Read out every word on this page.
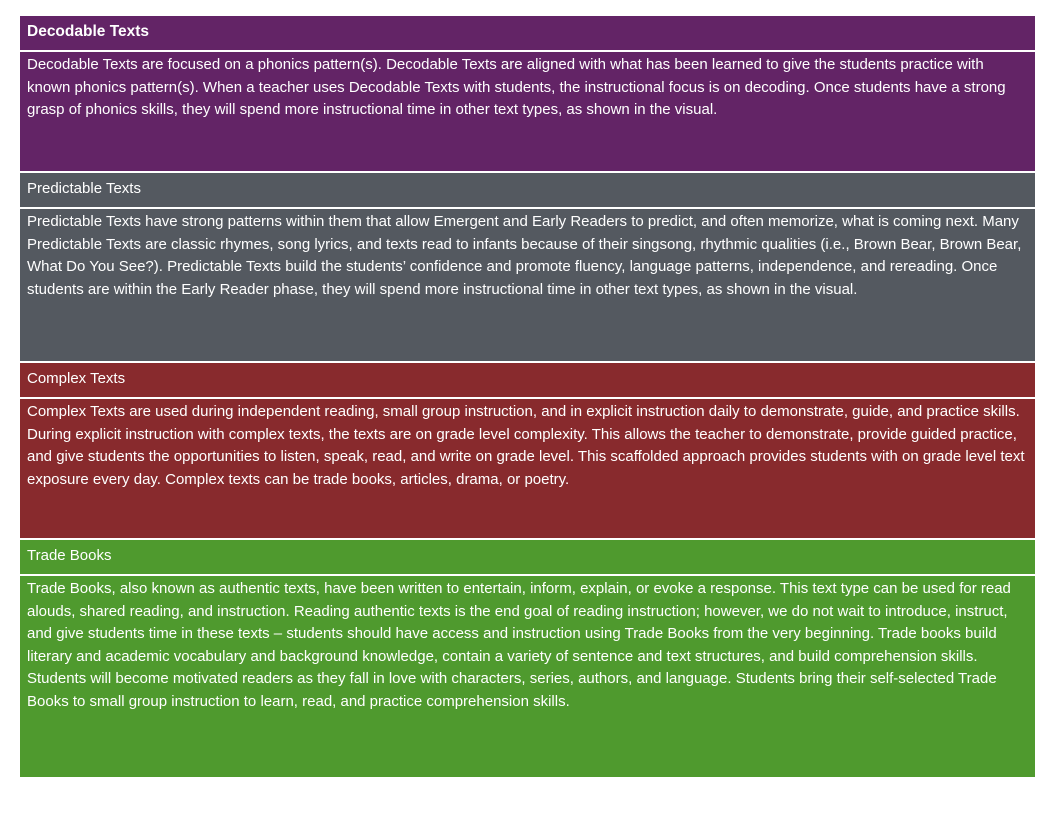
Decodable Texts
Decodable Texts are focused on a phonics pattern(s). Decodable Texts are aligned with what has been learned to give the students practice with known phonics pattern(s). When a teacher uses Decodable Texts with students, the instructional focus is on decoding. Once students have a strong grasp of phonics skills, they will spend more instructional time in other text types, as shown in the visual.
Predictable Texts
Predictable Texts have strong patterns within them that allow Emergent and Early Readers to predict, and often memorize, what is coming next. Many Predictable Texts are classic rhymes, song lyrics, and texts read to infants because of their singsong, rhythmic qualities (i.e., Brown Bear, Brown Bear, What Do You See?). Predictable Texts build the students’ confidence and promote fluency, language patterns, independence, and rereading. Once students are within the Early Reader phase, they will spend more instructional time in other text types, as shown in the visual.
Complex Texts
Complex Texts are used during independent reading, small group instruction, and in explicit instruction daily to demonstrate, guide, and practice skills. During explicit instruction with complex texts, the texts are on grade level complexity. This allows the teacher to demonstrate, provide guided practice, and give students the opportunities to listen, speak, read, and write on grade level. This scaffolded approach provides students with on grade level text exposure every day. Complex texts can be trade books, articles, drama, or poetry.
Trade Books
Trade Books, also known as authentic texts, have been written to entertain, inform, explain, or evoke a response. This text type can be used for read alouds, shared reading, and instruction. Reading authentic texts is the end goal of reading instruction; however, we do not wait to introduce, instruct, and give students time in these texts – students should have access and instruction using Trade Books from the very beginning. Trade books build literary and academic vocabulary and background knowledge, contain a variety of sentence and text structures, and build comprehension skills. Students will become motivated readers as they fall in love with characters, series, authors, and language. Students bring their self-selected Trade Books to small group instruction to learn, read, and practice comprehension skills.
